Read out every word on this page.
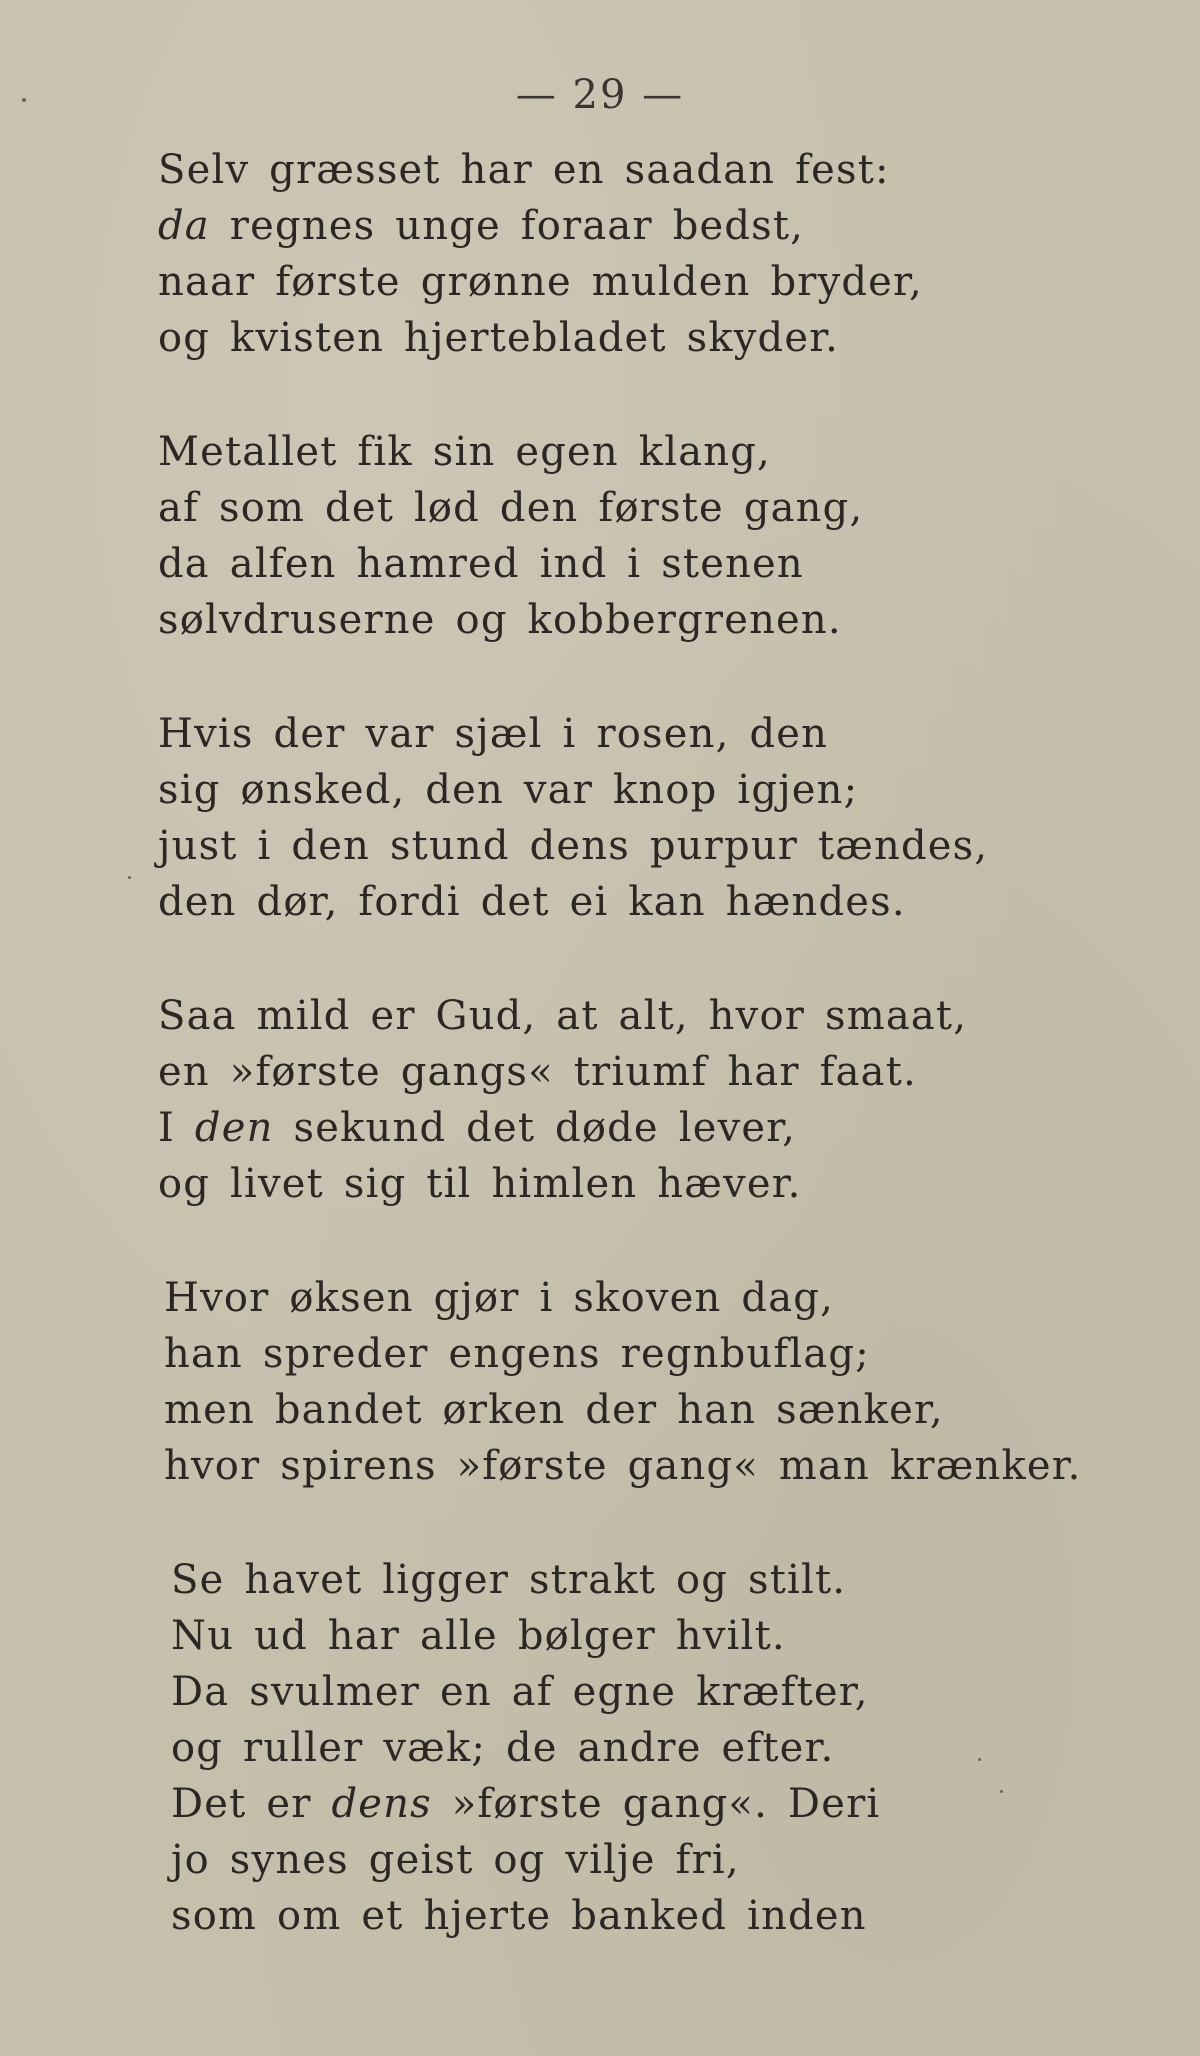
— 29 —
Selv græsset har en saadan fest:
da regnes unge foraar bedst,
naar første grønne mulden bryder,
og kvisten hjertebladet skyder.
Metallet fik sin egen klang,
af som det lød den første gang,
da alfen hamred ind i stenen
sølvdruserne og kobbergrenen.
Hvis der var sjæl i rosen, den
sig ønsked, den var knop igjen;
just i den stund dens purpur tændes,
den dør, fordi det ei kan hændes.
Saa mild er Gud, at alt, hvor smaat,
en »første gangs« triumf har faat.
I den sekund det døde lever,
og livet sig til himlen hæver.
Hvor øksen gjør i skoven dag,
han spreder engens regnbuflag;
men bandet ørken der han sænker,
hvor spirens »første gang« man krænker.
Se havet ligger strakt og stilt.
Nu ud har alle bølger hvilt.
Da svulmer en af egne kræfter,
og ruller væk; de andre efter.
Det er dens »første gang«. Deri
jo synes geist og vilje fri,
som om et hjerte banked inden
